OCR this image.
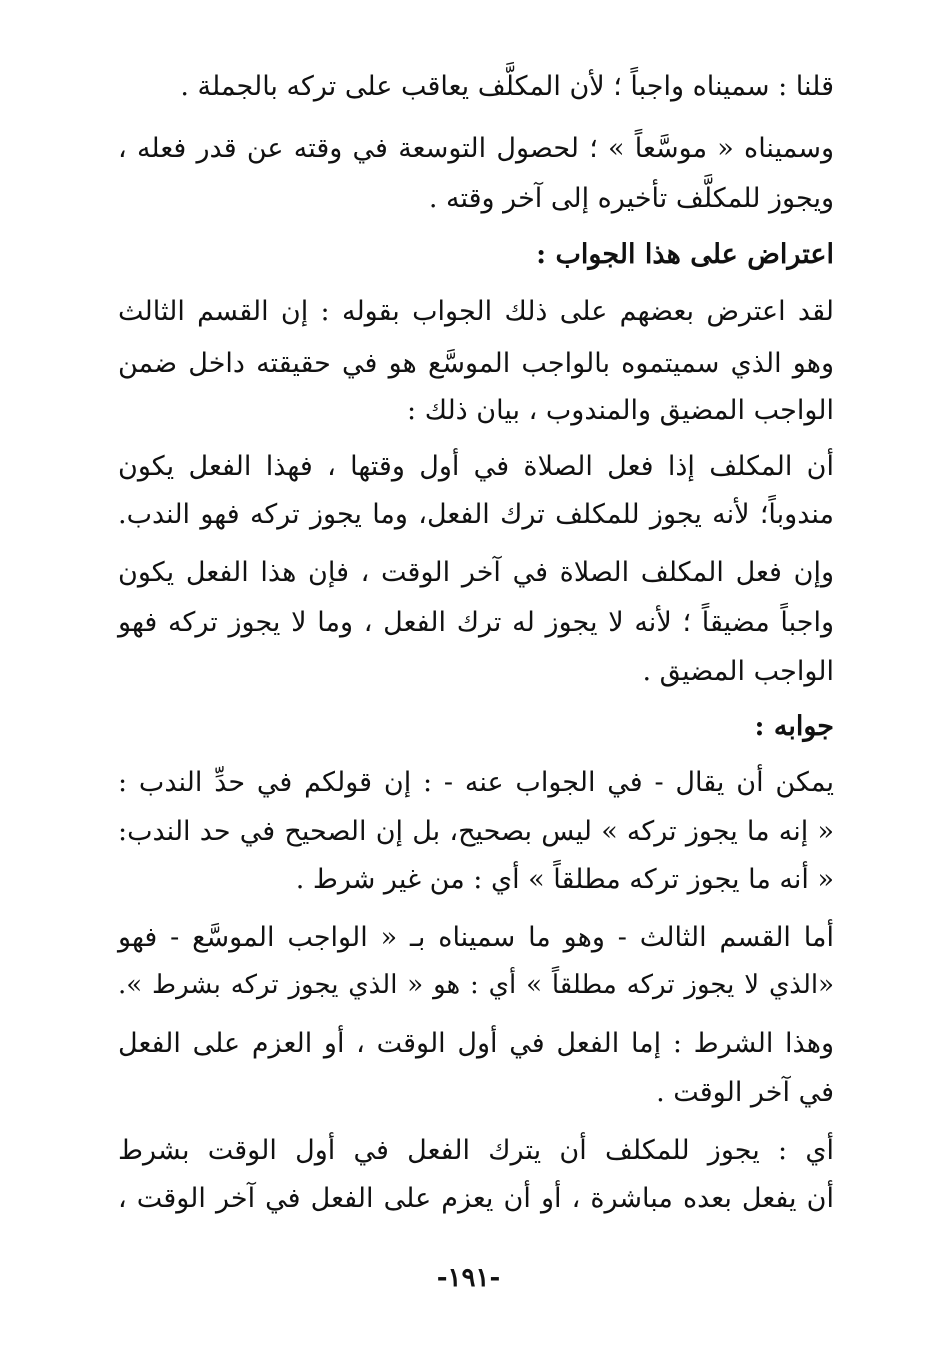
قلنا : سميناه واجباً ؛ لأن المكلَّف يعاقب على تركه بالجملة .
وسميناه « موسَّعاً » ؛ لحصول التوسعة في وقته عن قدر فعله ،
ويجوز للمكلَّف تأخيره إلى آخر وقته .
اعتراض على هذا الجواب :
لقد اعترض بعضهم على ذلك الجواب بقوله : إن القسم الثالث
وهو الذي سميتموه بالواجب الموسَّع هو في حقيقته داخل ضمن
الواجب المضيق والمندوب ، بيان ذلك :
أن المكلف إذا فعل الصلاة في أول وقتها ، فهذا الفعل يكون
مندوباً؛ لأنه يجوز للمكلف ترك الفعل، وما يجوز تركه فهو الندب.
وإن فعل المكلف الصلاة في آخر الوقت ، فإن هذا الفعل يكون
واجباً مضيقاً ؛ لأنه لا يجوز له ترك الفعل ، وما لا يجوز تركه فهو
الواجب المضيق .
جوابه :
يمكن أن يقال - في الجواب عنه - : إن قولكم في حدِّ الندب :
« إنه ما يجوز تركه » ليس بصحيح، بل إن الصحيح في حد الندب:
« أنه ما يجوز تركه مطلقاً » أي : من غير شرط .
أما القسم الثالث - وهو ما سميناه بـ « الواجب الموسَّع - فهو
«الذي لا يجوز تركه مطلقاً » أي : هو « الذي يجوز تركه بشرط ».
وهذا الشرط : إما الفعل في أول الوقت ، أو العزم على الفعل
في آخر الوقت .
أي : يجوز للمكلف أن يترك الفعل في أول الوقت بشرط
أن يفعل بعده مباشرة ، أو أن يعزم على الفعل في آخر الوقت ،
-١٩١-
